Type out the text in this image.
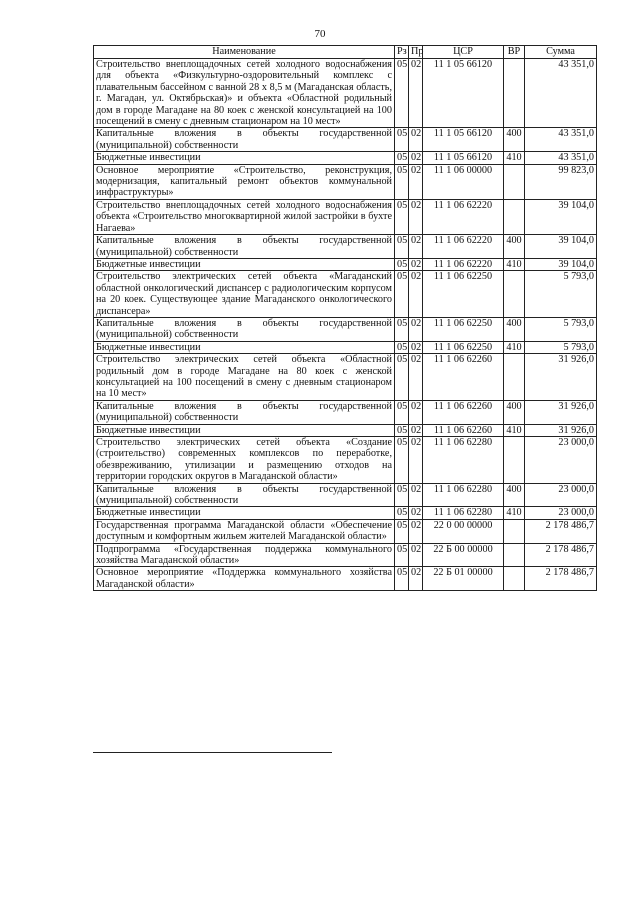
70
Наименование	Рз	Пр	ЦСР	ВР	Сумма
Строительство внеплощадочных сетей холодного водоснабжения для объекта «Физкультурно-оздоровительный комплекс с плавательным бассейном с ванной 28 х 8,5 м (Магаданская область, г. Магадан, ул. Октябрьская)» и объекта «Областной родильный дом в городе Магадане на 80 коек с женской консультацией на 100 посещений в смену с дневным стационаром на 10 мест»	05	02	11 1 05 66120		43 351,0
Капитальные вложения в объекты государственной (муниципальной) собственности	05	02	11 1 05 66120	400	43 351,0
Бюджетные инвестиции	05	02	11 1 05 66120	410	43 351,0
Основное мероприятие «Строительство, реконструкция, модернизация, капитальный ремонт объектов коммунальной инфраструктуры»	05	02	11 1 06 00000		99 823,0
Строительство внеплощадочных сетей холодного водоснабжения объекта «Строительство многоквартирной жилой застройки в бухте Нагаева»	05	02	11 1 06 62220		39 104,0
Капитальные вложения в объекты государственной (муниципальной) собственности	05	02	11 1 06 62220	400	39 104,0
Бюджетные инвестиции	05	02	11 1 06 62220	410	39 104,0
Строительство электрических сетей объекта «Магаданский областной онкологический диспансер с радиологическим корпусом на 20 коек. Существующее здание Магаданского онкологического диспансера»	05	02	11 1 06 62250		5 793,0
Капитальные вложения в объекты государственной (муниципальной) собственности	05	02	11 1 06 62250	400	5 793,0
Бюджетные инвестиции	05	02	11 1 06 62250	410	5 793,0
Строительство электрических сетей объекта «Областной родильный дом в городе Магадане на 80 коек с женской консультацией на 100 посещений в смену с дневным стационаром на 10 мест»	05	02	11 1 06 62260		31 926,0
Капитальные вложения в объекты государственной (муниципальной) собственности	05	02	11 1 06 62260	400	31 926,0
Бюджетные инвестиции	05	02	11 1 06 62260	410	31 926,0
Строительство электрических сетей объекта «Создание (строительство) современных комплексов по переработке, обезвреживанию, утилизации и размещению отходов на территории городских округов в Магаданской области»	05	02	11 1 06 62280		23 000,0
Капитальные вложения в объекты государственной (муниципальной) собственности	05	02	11 1 06 62280	400	23 000,0
Бюджетные инвестиции	05	02	11 1 06 62280	410	23 000,0
Государственная программа Магаданской области «Обеспечение доступным и комфортным жильем жителей Магаданской области»	05	02	22 0 00 00000		2 178 486,7
Подпрограмма «Государственная поддержка коммунального хозяйства Магаданской области»	05	02	22 Б 00 00000		2 178 486,7
Основное мероприятие «Поддержка коммунального хозяйства Магаданской области»	05	02	22 Б 01 00000		2 178 486,7
